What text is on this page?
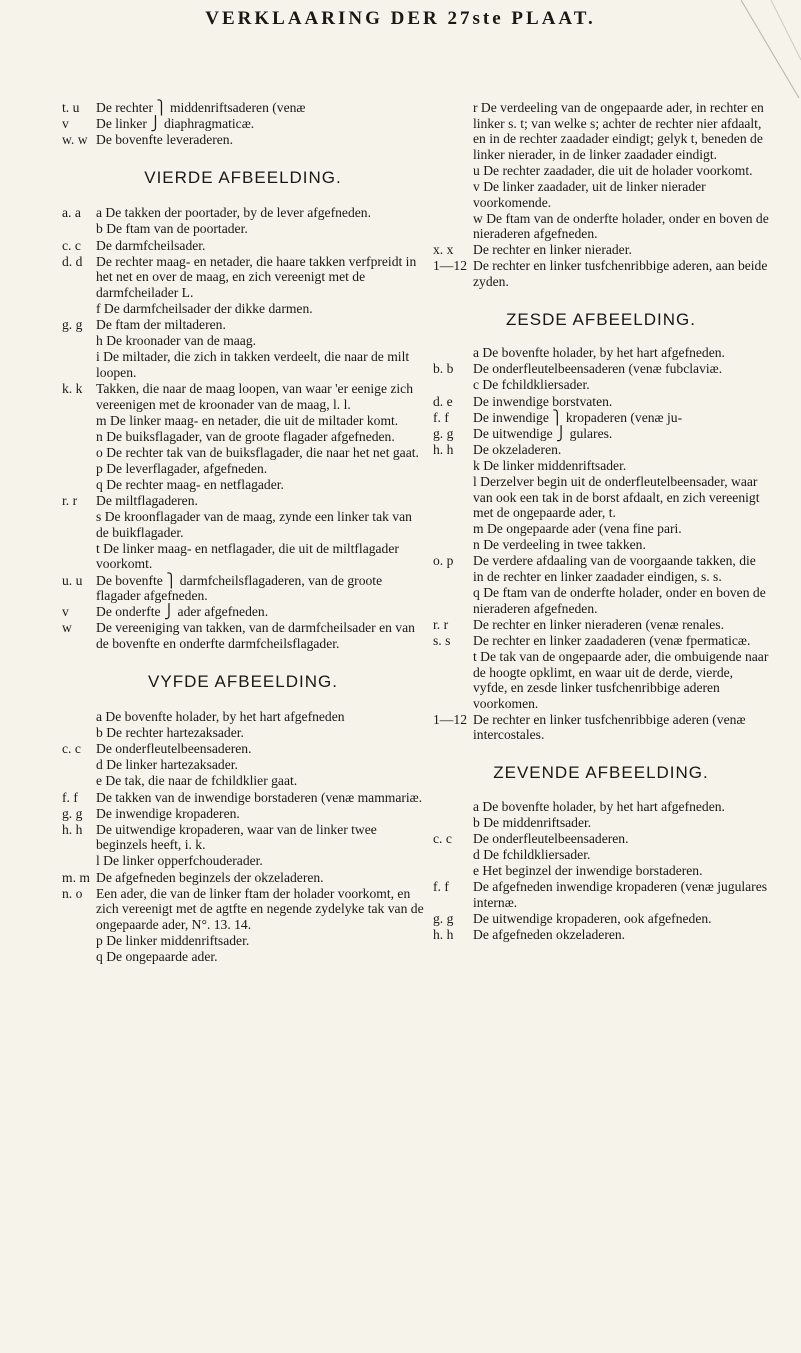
VERKLAARING DER 27ste PLAAT.
t. u	De rechter ⎫ middenriftsaderen (venæ
v	De linker ⎭ diaphragmaticæ.
w. w De bovenfte leveraderen.
VIERDE AFBEELDING.
a. a	a De takken der poortader, by de lever afgefneden.
b De ftam van de poortader.
c. c	De darmfcheilsader.
d. d	De rechter maag- en netader, die haare takken verfpreidt in het net en over de maag, en zich vereenigt met de darmfcheilader L.
f De darmfcheilsader der dikke darmen.
g. g	De ftam der miltaderen.
h De kroonader van de maag.
i De miltader, die zich in takken verdeelt, die naar de milt loopen.
k. k	Takken, die naar de maag loopen, van waar 'er eenige zich vereenigen met de kroonader van de maag, l. l.
m De linker maag- en netader, die uit de miltader komt.
n De buiksflagader, van de groote flagader afgefneden.
o De rechter tak van de buiksflagader, die naar het net gaat.
p De leverflagader, afgefneden.
q De rechter maag- en netflagader.
r. r	De miltflagaderen.
s De kroonflagader van de maag, zynde een linker tak van de buikflagader.
t De linker maag- en netflagader, die uit de miltflagader voorkomt.
u. u	De bovenfte ⎫ darmfcheilsflagaderen, van de groote flagader afgefneden.
v	De onderfte ⎭ ader afgefneden.
w	De vereeniging van takken, van de darmfcheilsader en van de bovenfte en onderfte darmfcheilsflagader.
VYFDE AFBEELDING.
a De bovenfte holader, by het hart afgefneden
b De rechter hartezaksader.
c. c	De onderfleutelbeensaderen.
d De linker hartezaksader.
e De tak, die naar de fchildklier gaat.
f. f	De takken van de inwendige borstaderen (venæ mammariæ.
g. g	De inwendige kropaderen.
h. h	De uitwendige kropaderen, waar van de linker twee beginzels heeft, i. k.
l De linker opperfchouderader.
m. m De afgefneden beginzels der okzeladeren.
n. o	Een ader, die van de linker ftam der holader voorkomt, en zich vereenigt met de agtfte en negende zydelyke tak van de ongepaarde ader, N°. 13. 14.
p De linker middenriftsader.
q De ongepaarde ader.
r De verdeeling van de ongepaarde ader, in rechter en linker s. t; van welke s; achter de rechter nier afdaalt, en in de rechter zaadader eindigt; gelyk t, beneden de linker nierader, in de linker zaadader eindigt.
u De rechter zaadader, die uit de holader voorkomt.
v De linker zaadader, uit de linker nierader voorkomende.
w De ftam van de onderfte holader, onder en boven de nieraderen afgefneden.
x. x	De rechter en linker nierader.
1—12 De rechter en linker tusfchenribbige aderen, aan beide zyden.
ZESDE AFBEELDING.
a De bovenfte holader, by het hart afgefneden.
b. b	De onderfleutelbeensaderen (venæ fubclaviæ.
c De fchildkliersader.
d. e	De inwendige borstvaten.
f. f	De inwendige ⎫ kropaderen (venæ ju-
g. g	De uitwendige ⎭ gulares.
h. h	De okzeladeren.
k De linker middenriftsader.
l Derzelver begin uit de onderfleutelbeensader, waar van ook een tak in de borst afdaalt, en zich vereenigt met de ongepaarde ader, t.
m De ongepaarde ader (vena fine pari.
n De verdeeling in twee takken.
o. p	De verdere afdaaling van de voorgaande takken, die in de rechter en linker zaadader eindigen, s. s.
q De ftam van de onderfte holader, onder en boven de nieraderen afgefneden.
r. r	De rechter en linker nieraderen (venæ renales.
s. s	De rechter en linker zaadaderen (venæ fpermaticæ.
t De tak van de ongepaarde ader, die ombuigende naar de hoogte opklimt, en waar uit de derde, vierde, vyfde, en zesde linker tusfchenribbige aderen voorkomen.
1—12 De rechter en linker tusfchenribbige aderen (venæ intercostales.
ZEVENDE AFBEELDING.
a De bovenfte holader, by het hart afgefneden.
b De middenriftsader.
c. c	De onderfleutelbeensaderen.
d De fchildkliersader.
e Het beginzel der inwendige borstaderen.
f. f	De afgefneden inwendige kropaderen (venæ jugulares internæ.
g. g	De uitwendige kropaderen, ook afgefneden.
h. h	De afgefneden okzeladeren.
